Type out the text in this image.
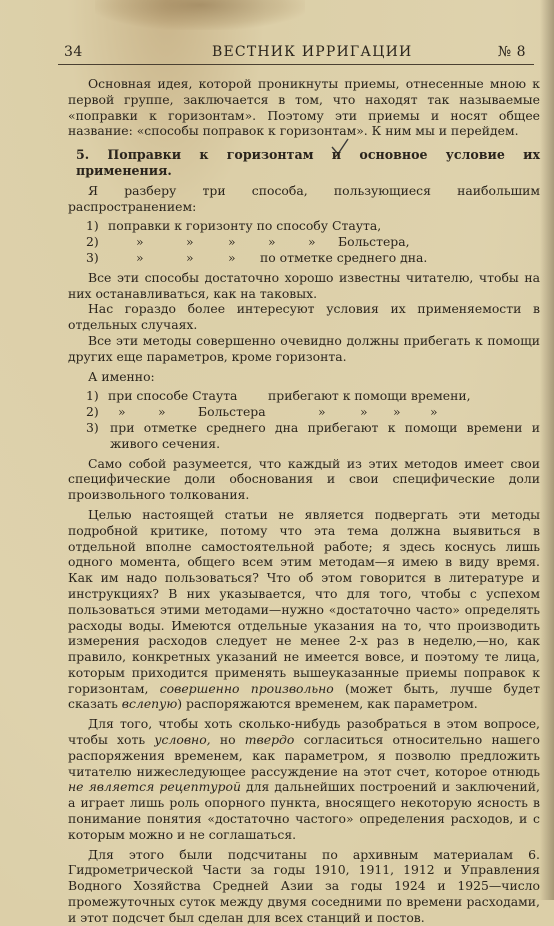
34	ВЕСТНИК ИРРИГАЦИИ	№ 8

Основная идея, которой проникнуты приемы, отнесенные мною к первой группе, заключается в том, что находят так называемые «поправки к горизонтам». Поэтому эти приемы и носят общее название: «способы поправок к горизонтам». К ним мы и перейдем.

5. Поправки к горизонтам и основное условие их применения.

Я разберу три способа, пользующиеся наибольшим распространением:

1) поправки к горизонту по способу Стаута,
2)	»	»	»	»	» Больстера,
3)	»	»	» по отметке среднего дна.

Все эти способы достаточно хорошо известны читателю, чтобы на них останавливаться, как на таковых.

Нас гораздо более интересуют условия их применяемости в отдельных случаях.

Все эти методы совершенно очевидно должны прибегать к помощи других еще параметров, кроме горизонта.

А именно:

1) при способе Стаута прибегают к помощи времени,
2) »	»	Больстера	»	» » »
3) при отметке среднего дна прибегают к помощи времени и живого сечения.

Само собой разумеется, что каждый из этих методов имеет свои специфические доли обоснования и свои специфические доли произвольного толкования.

Целью настоящей статьи не является подвергать эти методы подробной критике, потому что эта тема должна выявиться в отдельной вполне самостоятельной работе; я здесь коснусь лишь одного момента, общего всем этим методам—я имею в виду время. Как им надо пользоваться? Что об этом говорится в литературе и инструкциях? В них указывается, что для того, чтобы с успехом пользоваться этими методами—нужно «достаточно часто» определять расходы воды. Имеются отдельные указания на то, что производить измерения расходов следует не менее 2-х раз в неделю,—но, как правило, конкретных указаний не имеется вовсе, и поэтому те лица, которым приходится применять вышеуказанные приемы поправок к горизонтам, совершенно произвольно (может быть, лучше будет сказать вслепую) распоряжаются временем, как параметром.

Для того, чтобы хоть сколько-нибудь разобраться в этом вопросе, чтобы хоть условно, но твердо согласиться относительно нашего распоряжения временем, как параметром, я позволю предложить читателю нижеследующее рассуждение на этот счет, которое отнюдь не является рецептурой для дальнейших построений и заключений, а играет лишь роль опорного пункта, вносящего некоторую ясность в понимание понятия «достаточно частого» определения расходов, и с которым можно и не соглашаться.

Для этого были подсчитаны по архивным материалам 6. Гидрометрической Части за годы 1910, 1911, 1912 и Управления Водного Хозяйства Средней Азии за годы 1924 и 1925—число промежуточных суток между двумя соседними по времени расходами, и этот подсчет был сделан для всех станций и постов.
